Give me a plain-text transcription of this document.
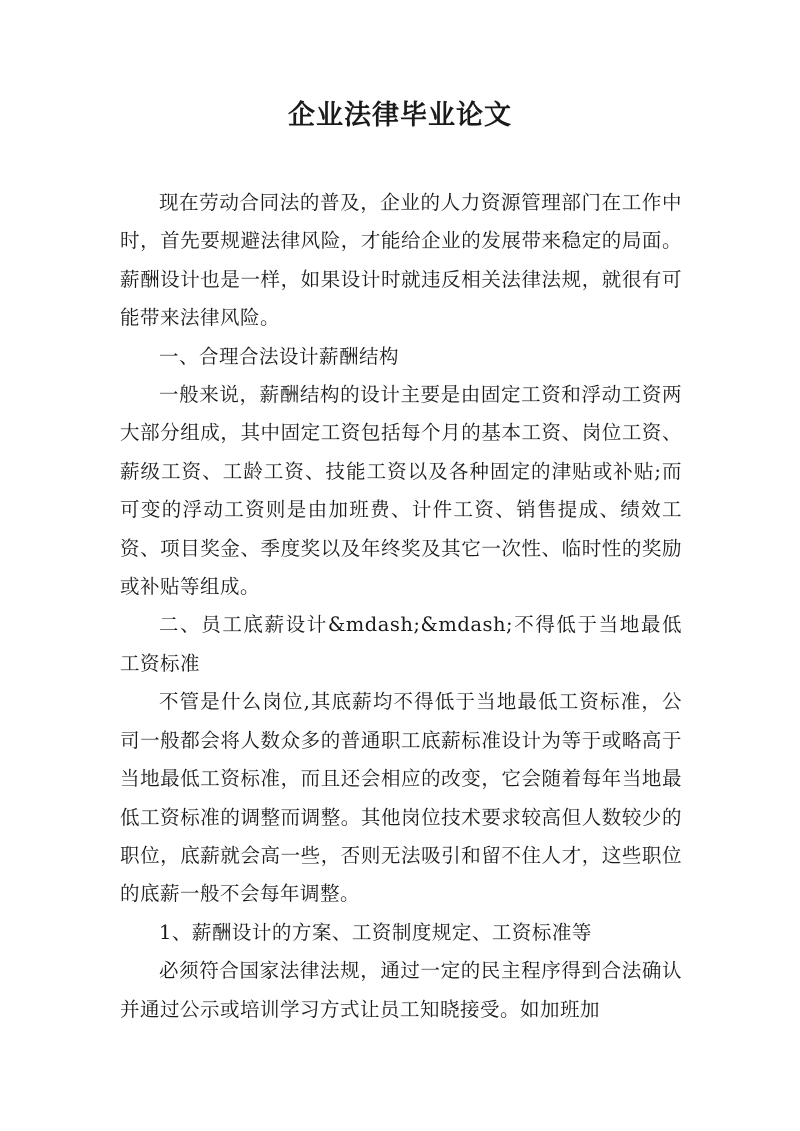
企业法律毕业论文

现在劳动合同法的普及，企业的人力资源管理部门在工作中时，首先要规避法律风险，才能给企业的发展带来稳定的局面。薪酬设计也是一样，如果设计时就违反相关法律法规，就很有可能带来法律风险。

一、合理合法设计薪酬结构

一般来说，薪酬结构的设计主要是由固定工资和浮动工资两大部分组成，其中固定工资包括每个月的基本工资、岗位工资、薪级工资、工龄工资、技能工资以及各种固定的津贴或补贴;而可变的浮动工资则是由加班费、计件工资、销售提成、绩效工资、项目奖金、季度奖以及年终奖及其它一次性、临时性的奖励或补贴等组成。

二、员工底薪设计&mdash;&mdash;不得低于当地最低工资标准

不管是什么岗位,其底薪均不得低于当地最低工资标准，公司一般都会将人数众多的普通职工底薪标准设计为等于或略高于当地最低工资标准，而且还会相应的改变，它会随着每年当地最低工资标准的调整而调整。其他岗位技术要求较高但人数较少的职位，底薪就会高一些，否则无法吸引和留不住人才，这些职位的底薪一般不会每年调整。

1、薪酬设计的方案、工资制度规定、工资标准等

必须符合国家法律法规，通过一定的民主程序得到合法确认并通过公示或培训学习方式让员工知晓接受。如加班加
